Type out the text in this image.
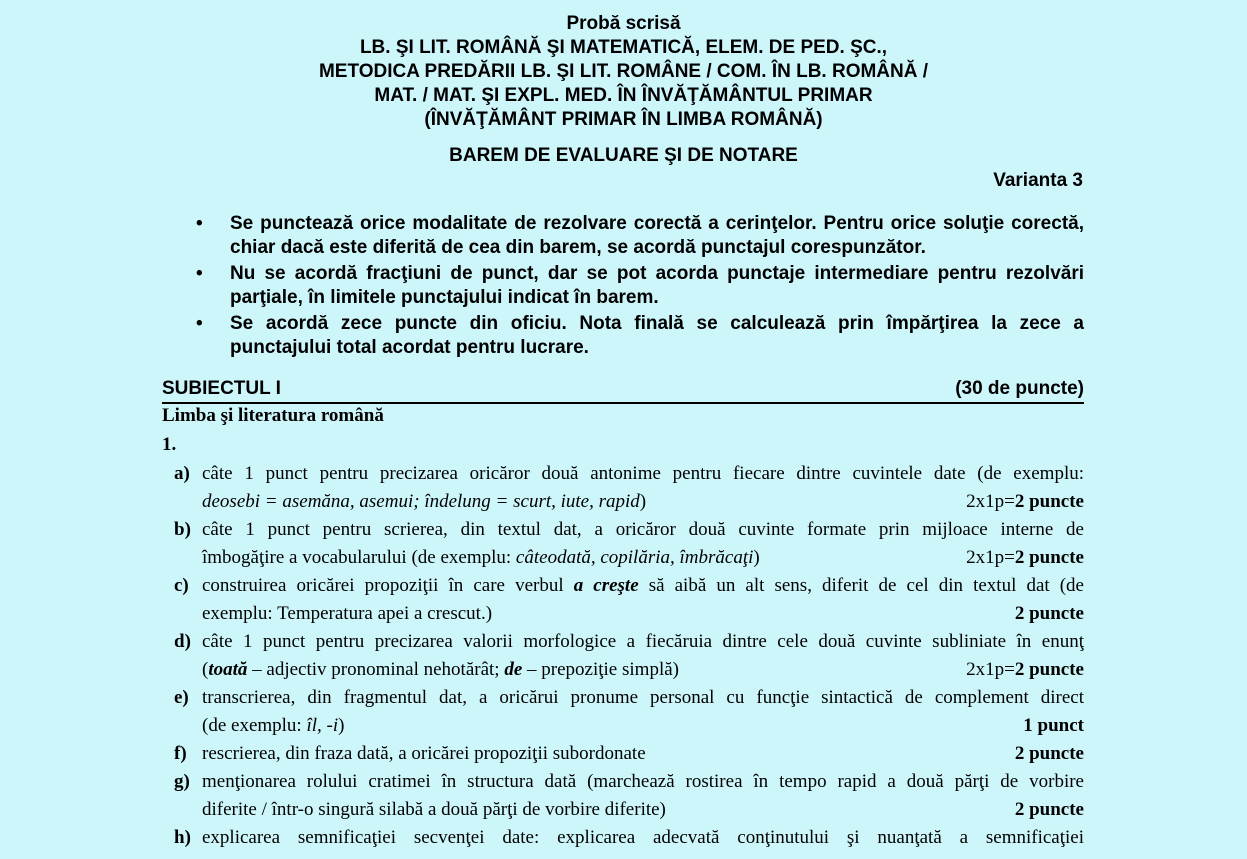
Probă scrisă
LB. ŞI LIT. ROMÂNĂ ŞI MATEMATICĂ, ELEM. DE PED. ŞC.,
METODICA PREDĂRII LB. ŞI LIT. ROMÂNE / COM. ÎN LB. ROMÂNĂ /
MAT. / MAT. ŞI EXPL. MED. ÎN ÎNVĂŢĂMÂNTUL PRIMAR
(ÎNVĂŢĂMÂNT PRIMAR ÎN LIMBA ROMÂNĂ)
BAREM DE EVALUARE ŞI DE NOTARE
Varianta 3
•	Se punctează orice modalitate de rezolvare corectă a cerinţelor. Pentru orice soluţie corectă, chiar dacă este diferită de cea din barem, se acordă punctajul corespunzător.
•	Nu se acordă fracţiuni de punct, dar se pot acorda punctaje intermediare pentru rezolvări parţiale, în limitele punctajului indicat în barem.
•	Se acordă zece puncte din oficiu. Nota finală se calculează prin împărţirea la zece a punctajului total acordat pentru lucrare.
SUBIECTUL I	(30 de puncte)
Limba şi literatura română
1.
a) câte 1 punct pentru precizarea oricăror două antonime pentru fiecare dintre cuvintele date (de exemplu:
deosebi = asemăna, asemui; îndelung = scurt, iute, rapid)	2x1p=2 puncte
b) câte 1 punct pentru scrierea, din textul dat, a oricăror două cuvinte formate prin mijloace interne de
îmbogăţire a vocabularului (de exemplu: câteodată, copilăria, îmbrăcaţi)	2x1p=2 puncte
c) construirea oricărei propoziţii în care verbul a creşte să aibă un alt sens, diferit de cel din textul dat (de
exemplu: Temperatura apei a crescut.)	2 puncte
d) câte 1 punct pentru precizarea valorii morfologice a fiecăruia dintre cele două cuvinte subliniate în enunţ
(toată – adjectiv pronominal nehotărât; de – prepoziţie simplă)	2x1p=2 puncte
e) transcrierea, din fragmentul dat, a oricărui pronume personal cu funcţie sintactică de complement direct
(de exemplu: îl, -i)	1 punct
f) rescrierea, din fraza dată, a oricărei propoziţii subordonate	2 puncte
g) menţionarea rolului cratimei în structura dată (marchează rostirea în tempo rapid a două părţi de vorbire
diferite / într-o singură silabă a două părţi de vorbire diferite)	2 puncte
h) explicarea semnificaţiei secvenţei date: explicarea adecvată conţinutului şi nuanţată a semnificaţiei
